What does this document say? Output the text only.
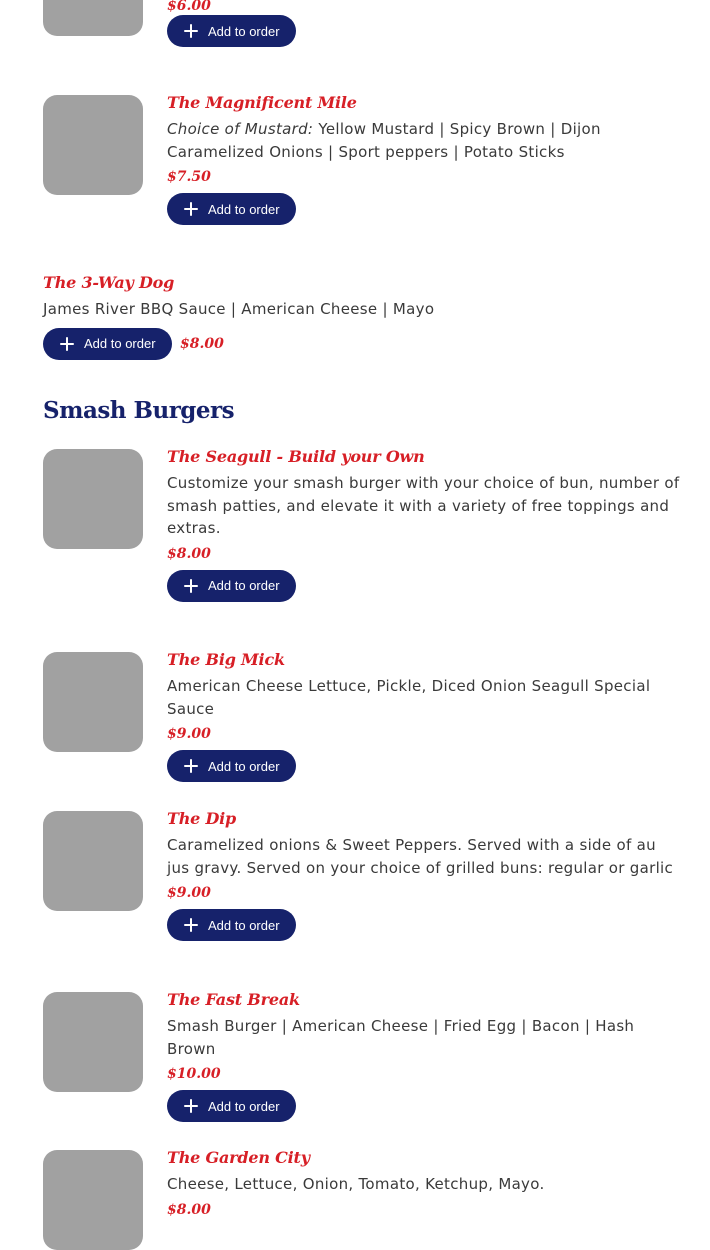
$6.00
Add to order

The Magnificent Mile

Choice of Mustard: Yellow Mustard | Spicy Brown | Dijon Caramelized Onions | Sport peppers | Potato Sticks

$7.50
Add to order

The 3-Way Dog

James River BBQ Sauce | American Cheese | Mayo

Add to order $8.00
Smash Burgers

The Seagull - Build your Own

Customize your smash burger with your choice of bun, number of smash patties, and elevate it with a variety of free toppings and extras.

$8.00
Add to order

The Big Mick

American Cheese Lettuce, Pickle, Diced Onion Seagull Special Sauce

$9.00
Add to order

The Dip

Caramelized onions & Sweet Peppers. Served with a side of au jus gravy. Served on your choice of grilled buns: regular or garlic

$9.00
Add to order

The Fast Break

Smash Burger | American Cheese | Fried Egg | Bacon | Hash Brown

$10.00
Add to order

The Garden City

Cheese, Lettuce, Onion, Tomato, Ketchup, Mayo.

$8.00
